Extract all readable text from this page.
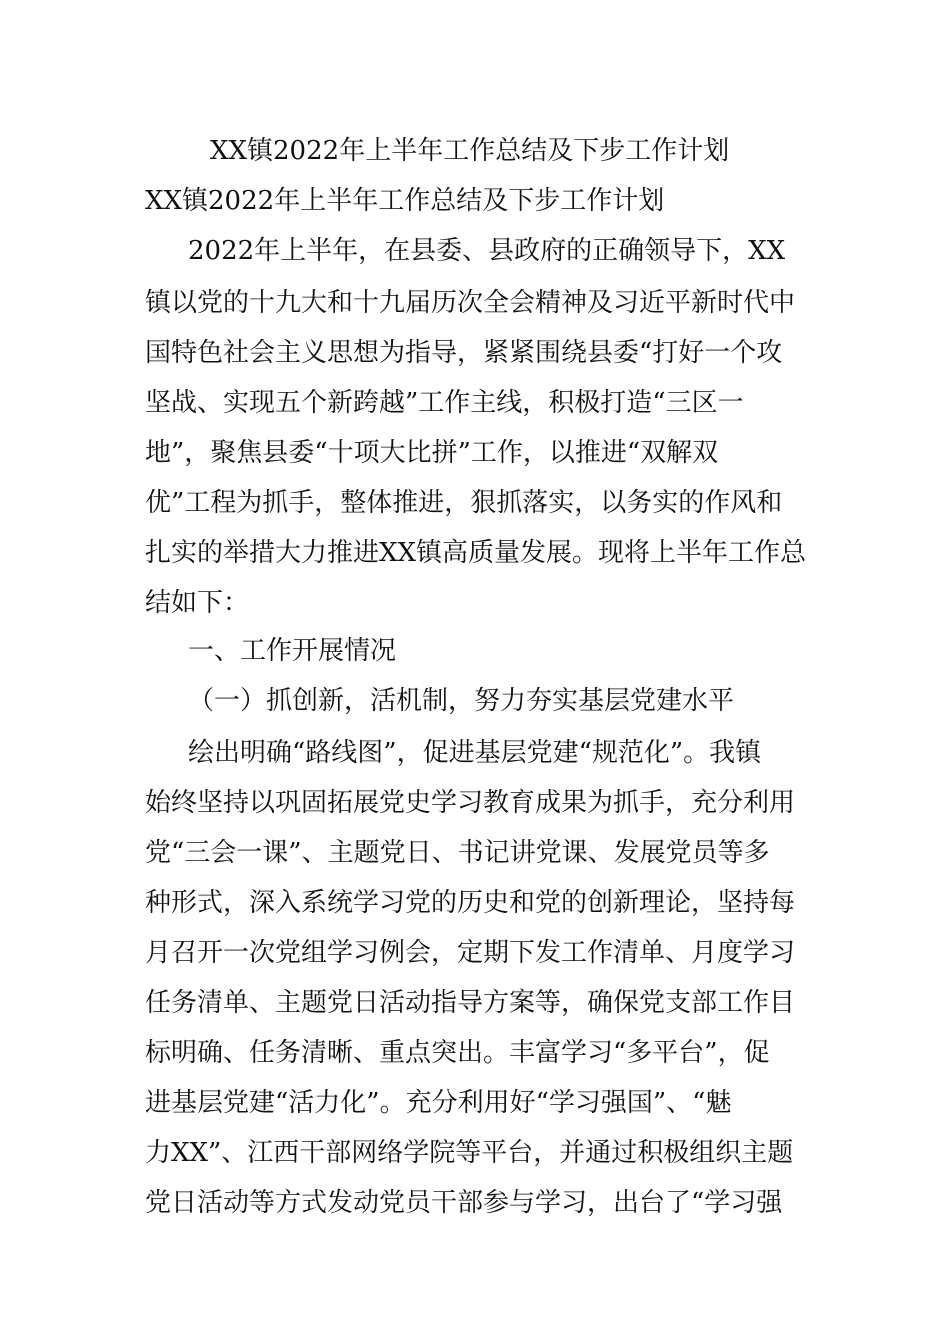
XX镇2022年上半年工作总结及下步工作计划
XX镇2022年上半年工作总结及下步工作计划
2022年上半年，在县委、县政府的正确领导下，XX
镇以党的十九大和十九届历次全会精神及习近平新时代中
国特色社会主义思想为指导，紧紧围绕县委“打好一个攻
坚战、实现五个新跨越”工作主线，积极打造“三区一
地”，聚焦县委“十项大比拼”工作，以推进“双解双
优”工程为抓手，整体推进，狠抓落实，以务实的作风和
扎实的举措大力推进XX镇高质量发展。现将上半年工作总
结如下：
一、工作开展情况
（一）抓创新，活机制，努力夯实基层党建水平
绘出明确“路线图”，促进基层党建“规范化”。我镇
始终坚持以巩固拓展党史学习教育成果为抓手，充分利用
党“三会一课”、主题党日、书记讲党课、发展党员等多
种形式，深入系统学习党的历史和党的创新理论，坚持每
月召开一次党组学习例会，定期下发工作清单、月度学习
任务清单、主题党日活动指导方案等，确保党支部工作目
标明确、任务清晰、重点突出。丰富学习“多平台”，促
进基层党建“活力化”。充分利用好“学习强国”、“魅
力XX”、江西干部网络学院等平台，并通过积极组织主题
党日活动等方式发动党员干部参与学习，出台了“学习强
